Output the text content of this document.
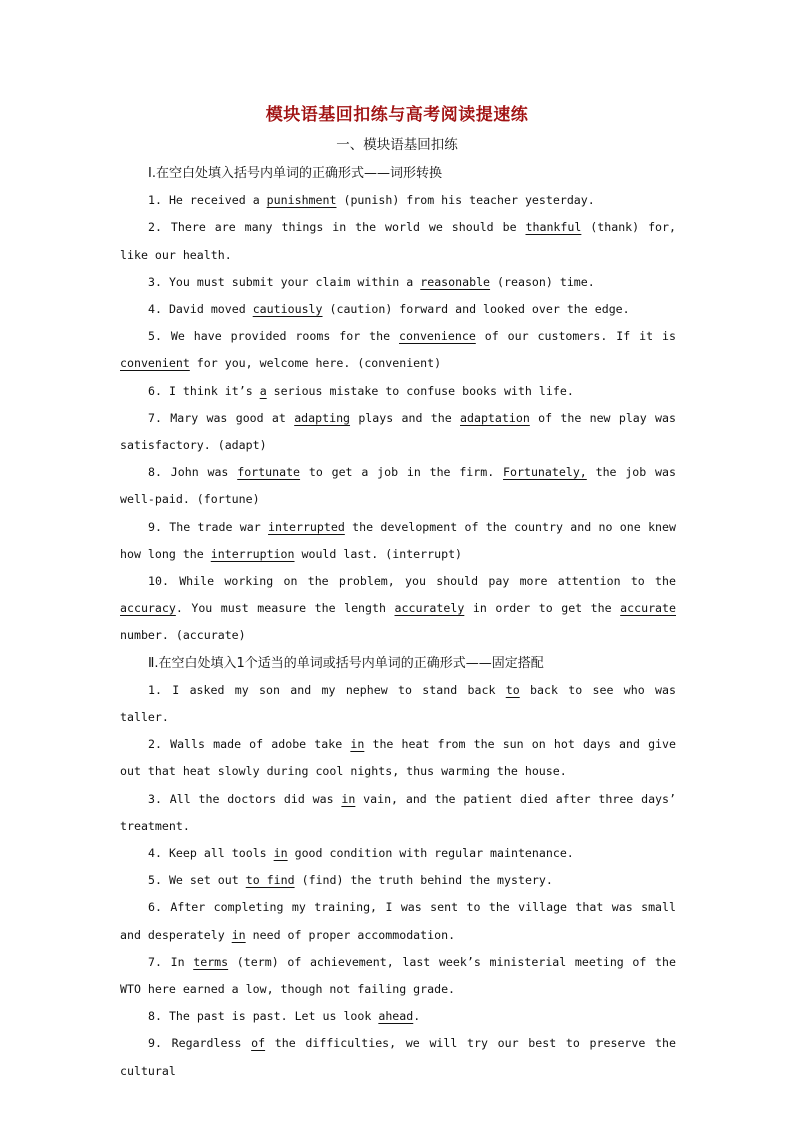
模块语基回扣练与高考阅读提速练
一、模块语基回扣练

Ⅰ.在空白处填入括号内单词的正确形式——词形转换

1. He received a punishment (punish) from his teacher yesterday.

2. There are many things in the world we should be thankful (thank) for, like our health.

3. You must submit your claim within a reasonable (reason) time.

4. David moved cautiously (caution) forward and looked over the edge.

5. We have provided rooms for the convenience of our customers. If it is convenient for you, welcome here. (convenient)

6. I think it’s a serious mistake to confuse books with life.

7. Mary was good at adapting plays and the adaptation of the new play was satisfactory. (adapt)

8. John was fortunate to get a job in the firm. Fortunately, the job was well-paid. (fortune)

9. The trade war interrupted the development of the country and no one knew how long the interruption would last. (interrupt)

10. While working on the problem, you should pay more attention to the accuracy. You must measure the length accurately in order to get the accurate number. (accurate)

Ⅱ.在空白处填入1个适当的单词或括号内单词的正确形式——固定搭配

1. I asked my son and my nephew to stand back to back to see who was taller.

2. Walls made of adobe take in the heat from the sun on hot days and give out that heat slowly during cool nights, thus warming the house.

3. All the doctors did was in vain, and the patient died after three days’ treatment.

4. Keep all tools in good condition with regular maintenance.

5. We set out to find (find) the truth behind the mystery.

6. After completing my training, I was sent to the village that was small and desperately in need of proper accommodation.

7. In terms (term) of achievement, last week’s ministerial meeting of the WTO here earned a low, though not failing grade.

8. The past is past. Let us look ahead.

9. Regardless of the difficulties, we will try our best to preserve the cultural
